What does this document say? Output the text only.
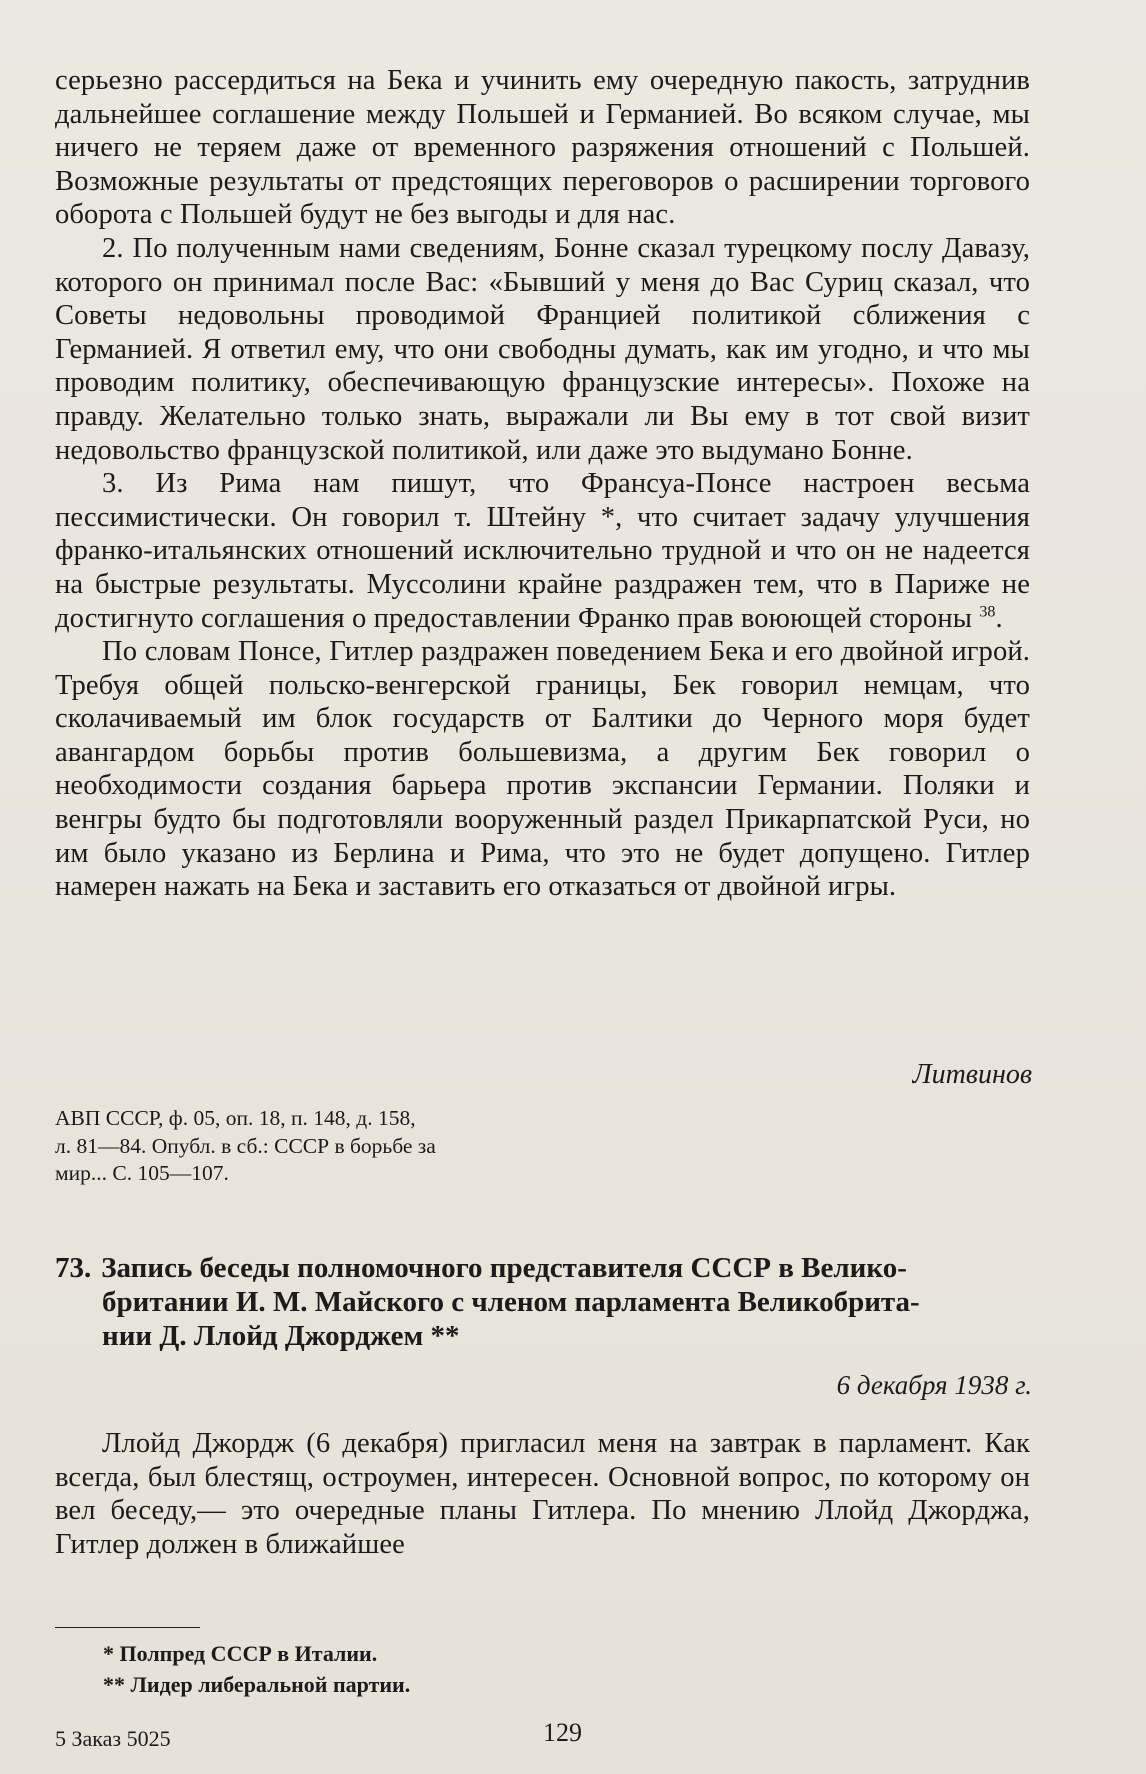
серьезно рассердиться на Бека и учинить ему очередную пакость, затруднив дальнейшее соглашение между Польшей и Германией. Во всяком случае, мы ничего не теряем даже от временного разряжения отношений с Польшей. Возможные результаты от предстоящих переговоров о расширении торгового оборота с Польшей будут не без выгоды и для нас.

2. По полученным нами сведениям, Бонне сказал турецкому послу Давазу, которого он принимал после Вас: «Бывший у меня до Вас Суриц сказал, что Советы недовольны проводимой Францией политикой сближения с Германией. Я ответил ему, что они свободны думать, как им угодно, и что мы проводим политику, обеспечивающую французские интересы». Похоже на правду. Желательно только знать, выражали ли Вы ему в тот свой визит недовольство французской политикой, или даже это выдумано Бонне.

3. Из Рима нам пишут, что Франсуа-Понсе настроен весьма пессимистически. Он говорил т. Штейну *, что считает задачу улучшения франко-итальянских отношений исключительно трудной и что он не надеется на быстрые результаты. Муссолини крайне раздражен тем, что в Париже не достигнуто соглашения о предоставлении Франко прав воюющей стороны $^{38}$.

По словам Понсе, Гитлер раздражен поведением Бека и его двойной игрой. Требуя общей польско-венгерской границы, Бек говорил немцам, что сколачиваемый им блок государств от Балтики до Черного моря будет авангардом борьбы против большевизма, а другим Бек говорил о необходимости создания барьера против экспансии Германии. Поляки и венгры будто бы подготовляли вооруженный раздел Прикарпатской Руси, но им было указано из Берлина и Рима, что это не будет допущено. Гитлер намерен нажать на Бека и заставить его отказаться от двойной игры.

Литвинов
АВП СССР, ф. 05, оп. 18, п. 148, д. 158,
л. 81—84. Опубл. в сб.: СССР в борьбе за
мир... С. 105—107.
73. Запись беседы полномочного представителя СССР в Велико-
британии И. М. Майского с членом парламента Великобрита-
нии Д. Ллойд Джорджем **
6 декабря 1938 г.

Ллойд Джордж (6 декабря) пригласил меня на завтрак в парламент. Как всегда, был блестящ, остроумен, интересен. Основной вопрос, по которому он вел беседу,— это очередные планы Гитлера. По мнению Ллойд Джорджа, Гитлер должен в ближайшее

* Полпред СССР в Италии.
** Лидер либеральной партии.
129
5 Заказ 5025
